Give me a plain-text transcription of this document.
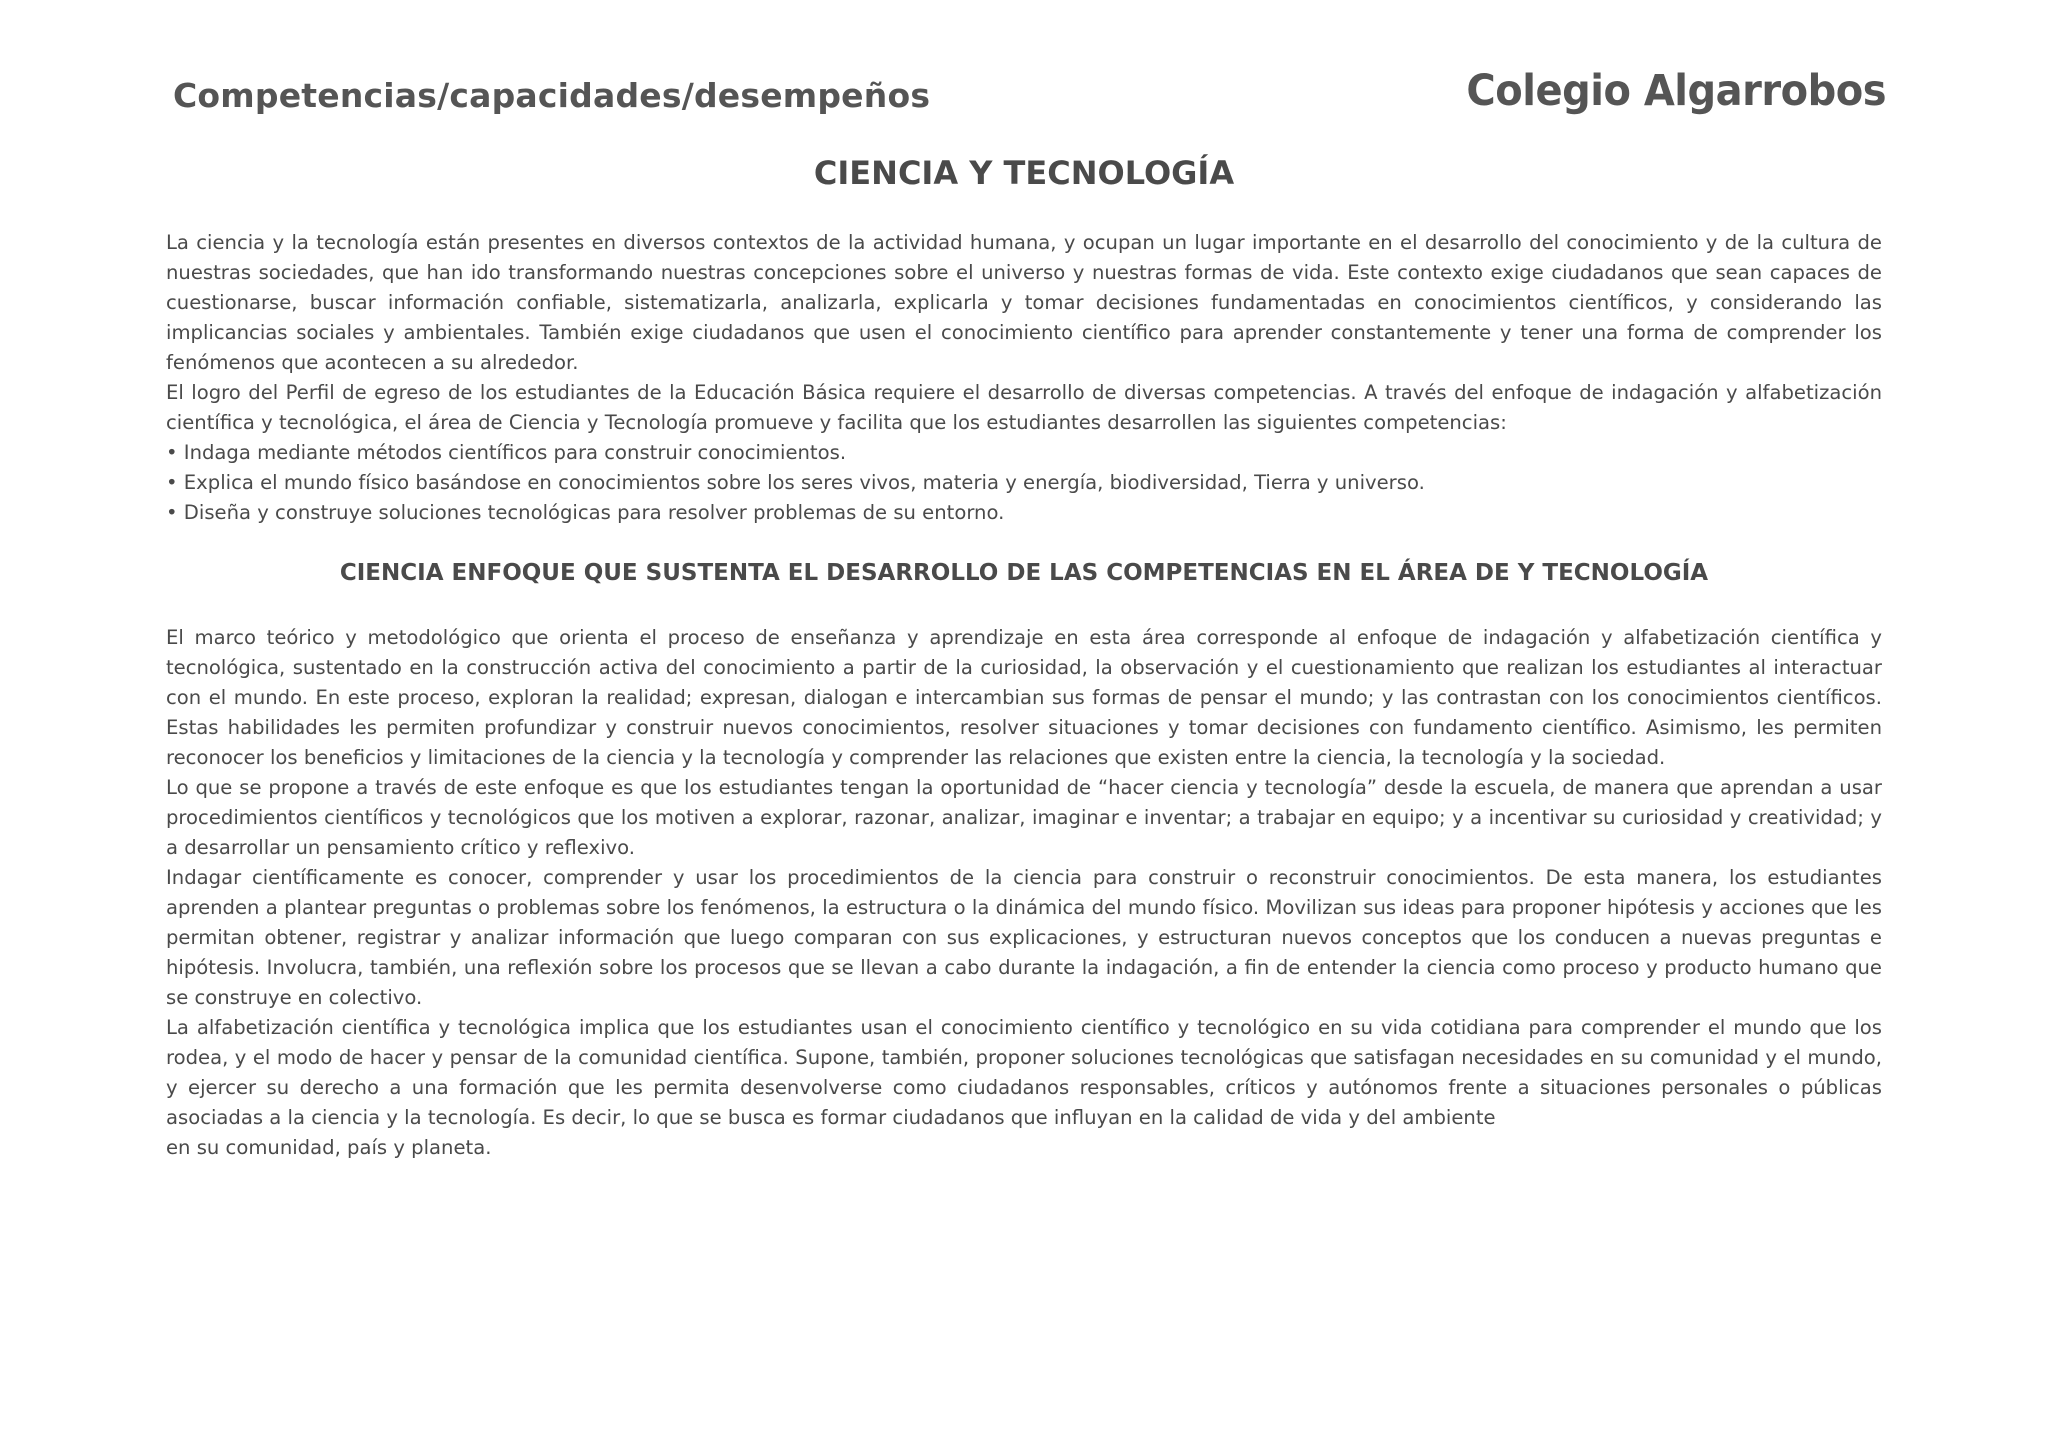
Competencias/capacidades/desempeños	Colegio Algarrobos
CIENCIA Y TECNOLOGÍA

La ciencia y la tecnología están presentes en diversos contextos de la actividad humana, y ocupan un lugar importante en el desarrollo del conocimiento y de la cultura de nuestras sociedades, que han ido transformando nuestras concepciones sobre el universo y nuestras formas de vida. Este contexto exige ciudadanos que sean capaces de cuestionarse, buscar información confiable, sistematizarla, analizarla, explicarla y tomar decisiones fundamentadas en conocimientos científicos, y considerando las implicancias sociales y ambientales. También exige ciudadanos que usen el conocimiento científico para aprender constantemente y tener una forma de comprender los fenómenos que acontecen a su alrededor.

El logro del Perfil de egreso de los estudiantes de la Educación Básica requiere el desarrollo de diversas competencias. A través del enfoque de indagación y alfabetización científica y tecnológica, el área de Ciencia y Tecnología promueve y facilita que los estudiantes desarrollen las siguientes competencias:

• Indaga mediante métodos científicos para construir conocimientos.

• Explica el mundo físico basándose en conocimientos sobre los seres vivos, materia y energía, biodiversidad, Tierra y universo.

• Diseña y construye soluciones tecnológicas para resolver problemas de su entorno.

CIENCIA ENFOQUE QUE SUSTENTA EL DESARROLLO DE LAS COMPETENCIAS EN EL ÁREA DE Y TECNOLOGÍA

El marco teórico y metodológico que orienta el proceso de enseñanza y aprendizaje en esta área corresponde al enfoque de indagación y alfabetización científica y tecnológica, sustentado en la construcción activa del conocimiento a partir de la curiosidad, la observación y el cuestionamiento que realizan los estudiantes al interactuar con el mundo. En este proceso, exploran la realidad; expresan, dialogan e intercambian sus formas de pensar el mundo; y las contrastan con los conocimientos científicos. Estas habilidades les permiten profundizar y construir nuevos conocimientos, resolver situaciones y tomar decisiones con fundamento científico. Asimismo, les permiten reconocer los beneficios y limitaciones de la ciencia y la tecnología y comprender las relaciones que existen entre la ciencia, la tecnología y la sociedad.

Lo que se propone a través de este enfoque es que los estudiantes tengan la oportunidad de “hacer ciencia y tecnología” desde la escuela, de manera que aprendan a usar procedimientos científicos y tecnológicos que los motiven a explorar, razonar, analizar, imaginar e inventar; a trabajar en equipo; y a incentivar su curiosidad y creatividad; y a desarrollar un pensamiento crítico y reflexivo.

Indagar científicamente es conocer, comprender y usar los procedimientos de la ciencia para construir o reconstruir conocimientos. De esta manera, los estudiantes aprenden a plantear preguntas o problemas sobre los fenómenos, la estructura o la dinámica del mundo físico. Movilizan sus ideas para proponer hipótesis y acciones que les permitan obtener, registrar y analizar información que luego comparan con sus explicaciones, y estructuran nuevos conceptos que los conducen a nuevas preguntas e hipótesis. Involucra, también, una reflexión sobre los procesos que se llevan a cabo durante la indagación, a fin de entender la ciencia como proceso y producto humano que se construye en colectivo.

La alfabetización científica y tecnológica implica que los estudiantes usan el conocimiento científico y tecnológico en su vida cotidiana para comprender el mundo que los rodea, y el modo de hacer y pensar de la comunidad científica. Supone, también, proponer soluciones tecnológicas que satisfagan necesidades en su comunidad y el mundo, y ejercer su derecho a una formación que les permita desenvolverse como ciudadanos responsables, críticos y autónomos frente a situaciones personales o públicas asociadas a la ciencia y la tecnología. Es decir, lo que se busca es formar ciudadanos que influyan en la calidad de vida y del ambiente

en su comunidad, país y planeta.
